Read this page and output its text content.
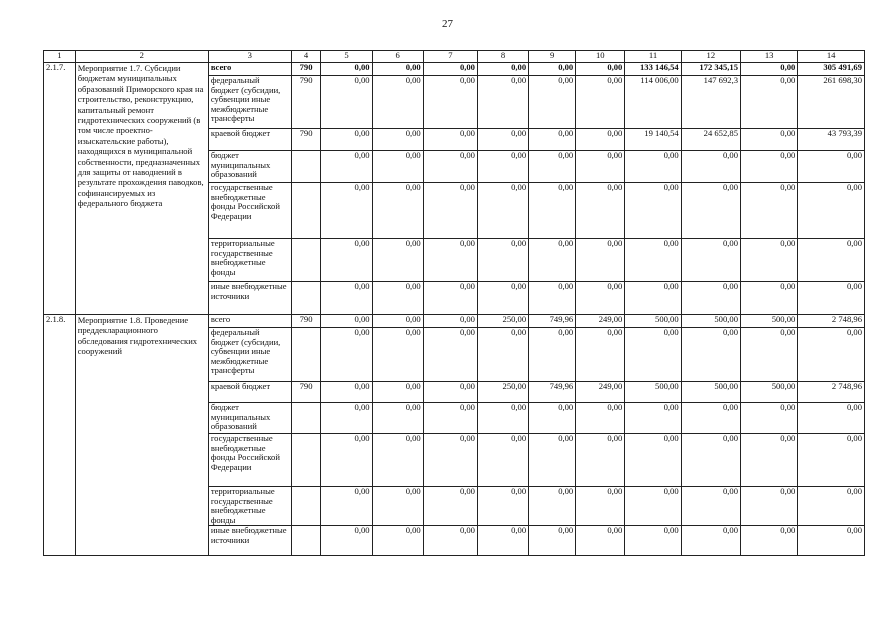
27
1	2	3	4	5	6	7	8	9	10	11	12	13	14
2.1.7.	Мероприятие 1.7. Субсидии бюджетам муниципальных образований Приморского края на строительство, реконструкцию, капитальный ремонт гидротехнических сооружений (в том числе проектно-изыскательские работы), находящихся в муниципальной собственности, предназначенных для защиты от наводнений в результате прохождения паводков, софинансируемых из федерального бюджета	всего	790	0,00	0,00	0,00	0,00	0,00	0,00	133 146,54	172 345,15	0,00	305 491,69
		федеральный бюджет (субсидии, субвенции иные межбюджетные трансферты	790	0,00	0,00	0,00	0,00	0,00	0,00	114 006,00	147 692,3	0,00	261 698,30
		краевой бюджет	790	0,00	0,00	0,00	0,00	0,00	0,00	19 140,54	24 652,85	0,00	43 793,39
		бюджет муниципальных образований		0,00	0,00	0,00	0,00	0,00	0,00	0,00	0,00	0,00	0,00
		государственные внебюджетные фонды Российской Федерации		0,00	0,00	0,00	0,00	0,00	0,00	0,00	0,00	0,00	0,00
		территориальные государственные внебюджетные фонды		0,00	0,00	0,00	0,00	0,00	0,00	0,00	0,00	0,00	0,00
		иные внебюджетные источники		0,00	0,00	0,00	0,00	0,00	0,00	0,00	0,00	0,00	0,00
2.1.8.	Мероприятие 1.8. Проведение преддекларационного обследования гидротехнических сооружений	всего	790	0,00	0,00	0,00	250,00	749,96	249,00	500,00	500,00	500,00	2 748,96
		федеральный бюджет (субсидии, субвенции иные межбюджетные трансферты		0,00	0,00	0,00	0,00	0,00	0,00	0,00	0,00	0,00	0,00
		краевой бюджет	790	0,00	0,00	0,00	250,00	749,96	249,00	500,00	500,00	500,00	2 748,96
		бюджет муниципальных образований		0,00	0,00	0,00	0,00	0,00	0,00	0,00	0,00	0,00	0,00
		государственные внебюджетные фонды Российской Федерации		0,00	0,00	0,00	0,00	0,00	0,00	0,00	0,00	0,00	0,00
		территориальные государственные внебюджетные фонды		0,00	0,00	0,00	0,00	0,00	0,00	0,00	0,00	0,00	0,00
		иные внебюджетные источники		0,00	0,00	0,00	0,00	0,00	0,00	0,00	0,00	0,00	0,00
